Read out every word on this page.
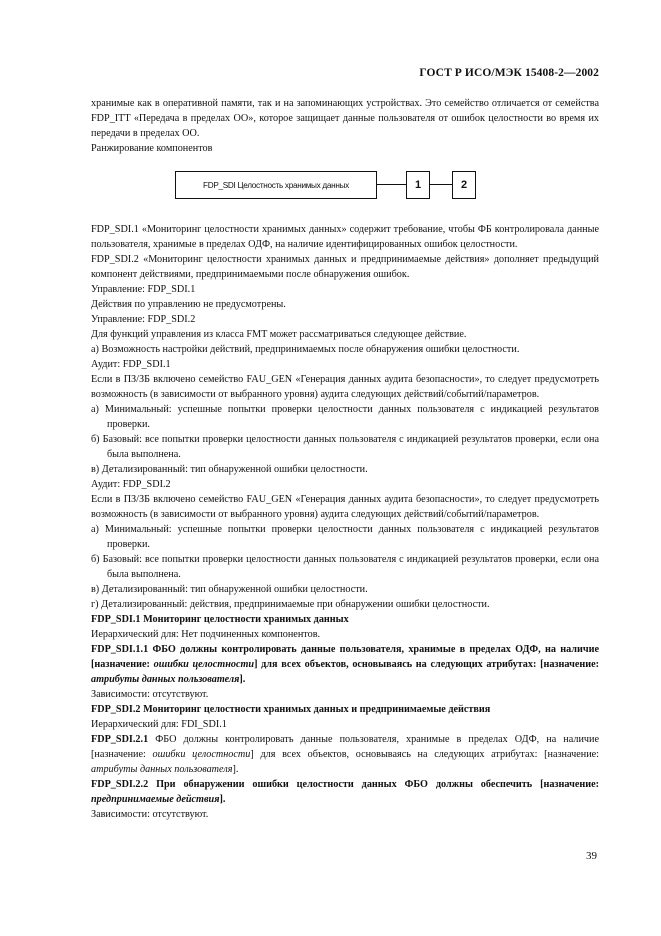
ГОСТ Р ИСО/МЭК 15408-2—2002

хранимые как в оперативной памяти, так и на запоминающих устройствах. Это семейство отличается от семейства FDP_ITT «Передача в пределах ОО», которое защищает данные пользователя от ошибок целостности во время их передачи в пределах ОО.

Ранжирование компонентов

FDP_SDI Целостность хранимых данных	1	2

FDP_SDI.1 «Мониторинг целостности хранимых данных» содержит требование, чтобы ФБ контролировала данные пользователя, хранимые в пределах ОДФ, на наличие идентифицированных ошибок целостности.

FDP_SDI.2 «Мониторинг целостности хранимых данных и предпринимаемые действия» дополняет предыдущий компонент действиями, предпринимаемыми после обнаружения ошибок.

Управление: FDP_SDI.1

Действия по управлению не предусмотрены.

Управление: FDP_SDI.2

Для функций управления из класса FMT может рассматриваться следующее действие.

а) Возможность настройки действий, предпринимаемых после обнаружения ошибки целостности.

Аудит: FDP_SDI.1

Если в ПЗ/ЗБ включено семейство FAU_GEN «Генерация данных аудита безопасности», то следует предусмотреть возможность (в зависимости от выбранного уровня) аудита следующих действий/событий/параметров.

а) Минимальный: успешные попытки проверки целостности данных пользователя с индикацией результатов проверки.

б) Базовый: все попытки проверки целостности данных пользователя с индикацией результатов проверки, если она была выполнена.

в) Детализированный: тип обнаруженной ошибки целостности.

Аудит: FDP_SDI.2

Если в ПЗ/ЗБ включено семейство FAU_GEN «Генерация данных аудита безопасности», то следует предусмотреть возможность (в зависимости от выбранного уровня) аудита следующих действий/событий/параметров.

а) Минимальный: успешные попытки проверки целостности данных пользователя с индикацией результатов проверки.

б) Базовый: все попытки проверки целостности данных пользователя с индикацией результатов проверки, если она была выполнена.

в) Детализированный: тип обнаруженной ошибки целостности.

г) Детализированный: действия, предпринимаемые при обнаружении ошибки целостности.

FDP_SDI.1 Мониторинг целостности хранимых данных

Иерархический для: Нет подчиненных компонентов.

FDP_SDI.1.1 ФБО должны контролировать данные пользователя, хранимые в пределах ОДФ, на наличие [назначение: ошибки целостности] для всех объектов, основываясь на следующих атрибутах: [назначение: атрибуты данных пользователя].

Зависимости: отсутствуют.

FDP_SDI.2 Мониторинг целостности хранимых данных и предпринимаемые действия

Иерархический для: FDI_SDI.1

FDP_SDI.2.1 ФБО должны контролировать данные пользователя, хранимые в пределах ОДФ, на наличие [назначение: ошибки целостности] для всех объектов, основываясь на следующих атрибутах: [назначение: атрибуты данных пользователя].

FDP_SDI.2.2 При обнаружении ошибки целостности данных ФБО должны обеспечить [назначение: предпринимаемые действия].

Зависимости: отсутствуют.

39
